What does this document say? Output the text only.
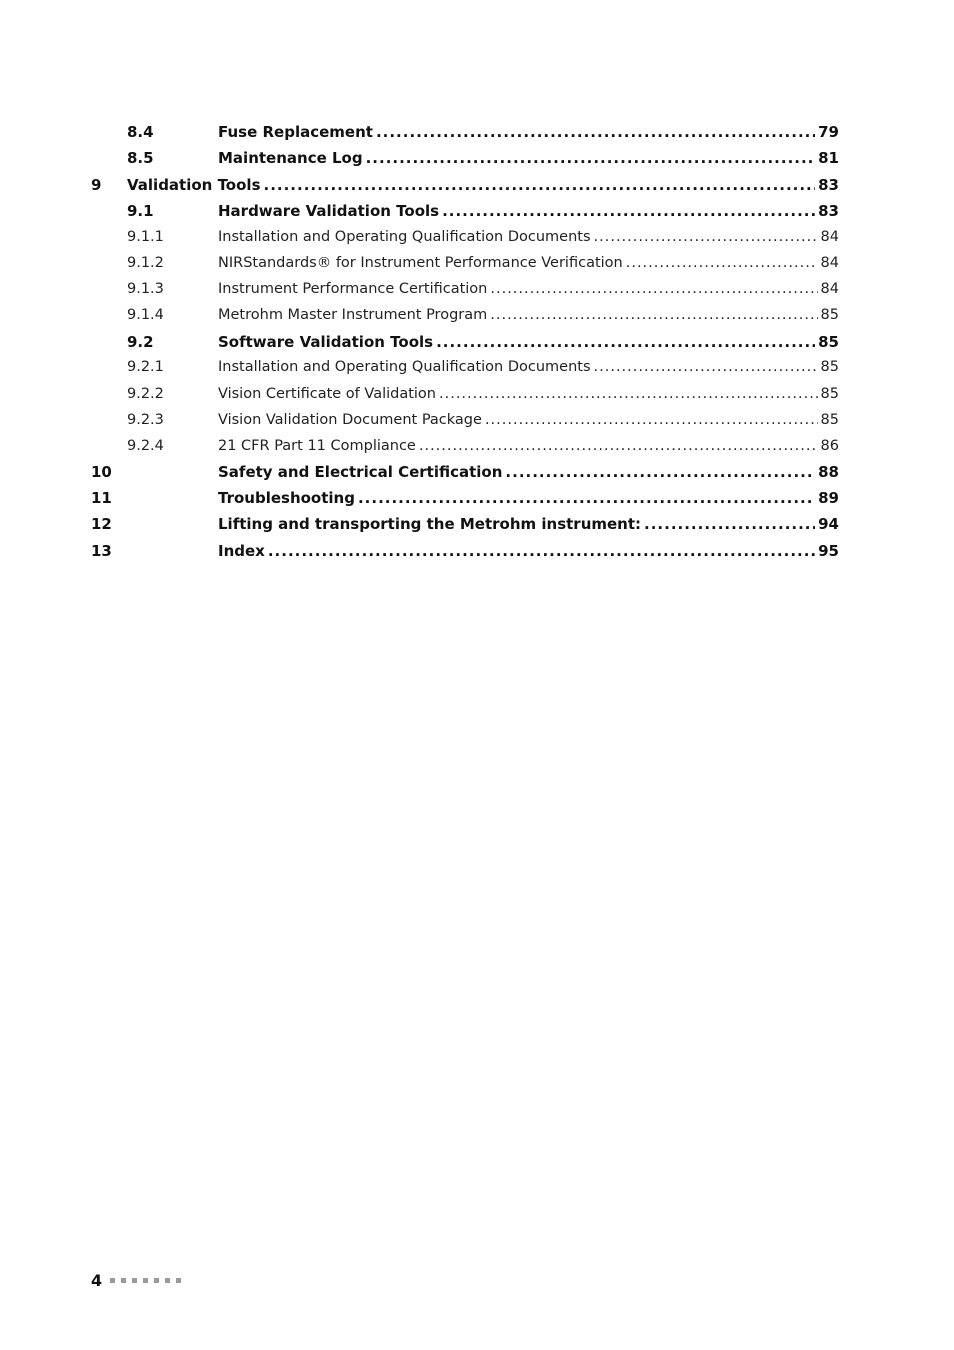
8.4	Fuse Replacement .....	79
8.5	Maintenance Log .....	81
9 Validation Tools .....	83
9.1	Hardware Validation Tools .....	83
9.1.1	Installation and Operating Qualification Documents .....	84
9.1.2	NIRStandards® for Instrument Performance Verification .....	84
9.1.3	Instrument Performance Certification .....	84
9.1.4	Metrohm Master Instrument Program .....	85
9.2	Software Validation Tools .....	85
9.2.1	Installation and Operating Qualification Documents .....	85
9.2.2	Vision Certificate of Validation .....	85
9.2.3	Vision Validation Document Package .....	85
9.2.4	21 CFR Part 11 Compliance .....	86
10	Safety and Electrical Certification .....	88
11	Troubleshooting .....	89
12	Lifting and transporting the Metrohm instrument: .....	94
13	Index .....	95
4
